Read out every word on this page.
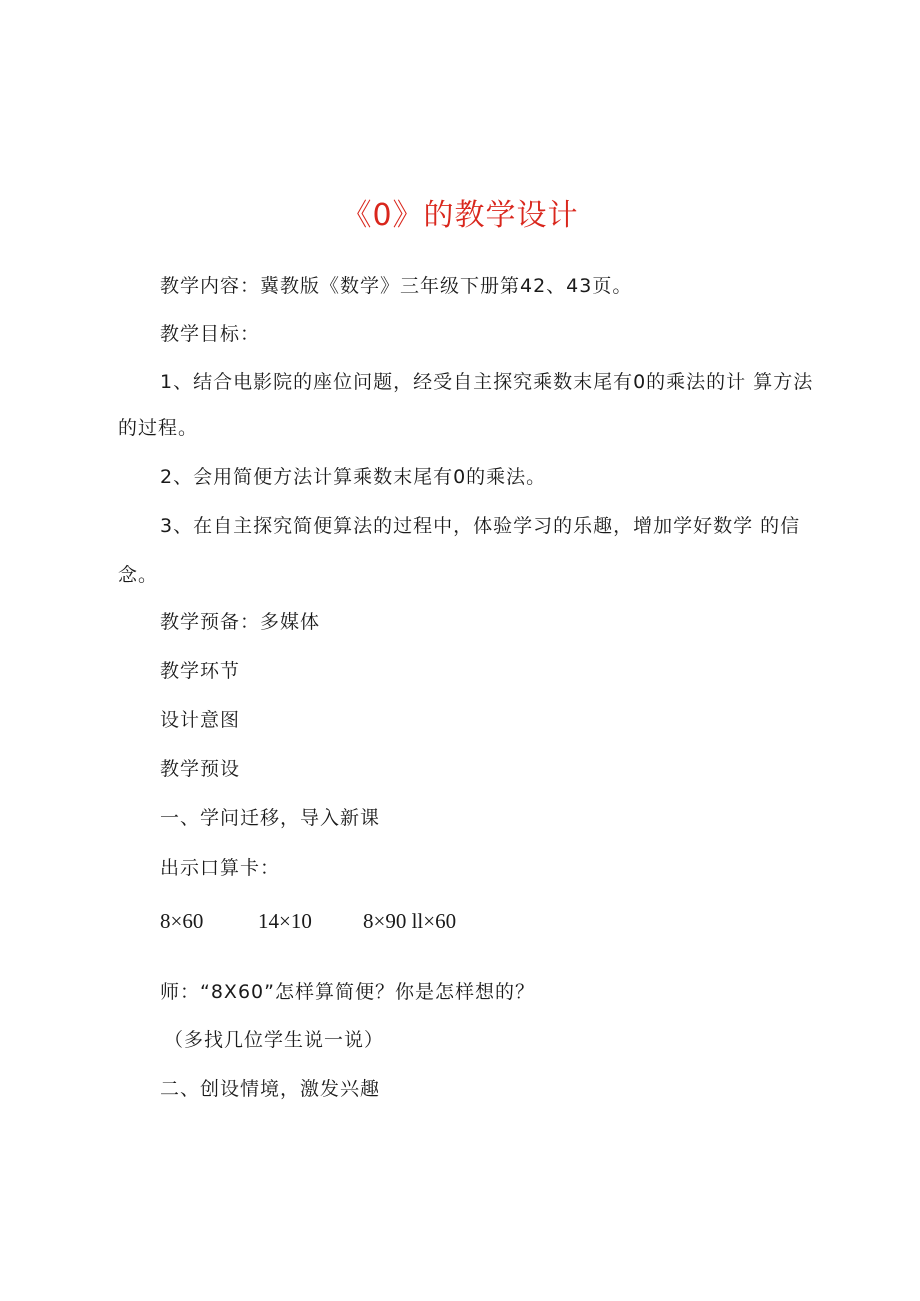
《0》的教学设计
教学内容：冀教版《数学》三年级下册第42、43页。
教学目标：
1、结合电影院的座位问题，经受自主探究乘数末尾有0的乘法的计 算方法
的过程。
2、会用简便方法计算乘数末尾有0的乘法。
3、在自主探究简便算法的过程中，体验学习的乐趣，增加学好数学 的信
念。
教学预备：多媒体
教学环节
设计意图
教学预设
一、学问迁移，导入新课
出示口算卡：
8×60	14×10 8×90 ll×60
师：“8X60”怎样算简便？你是怎样想的？
（多找几位学生说一说）
二、创设情境，激发兴趣
